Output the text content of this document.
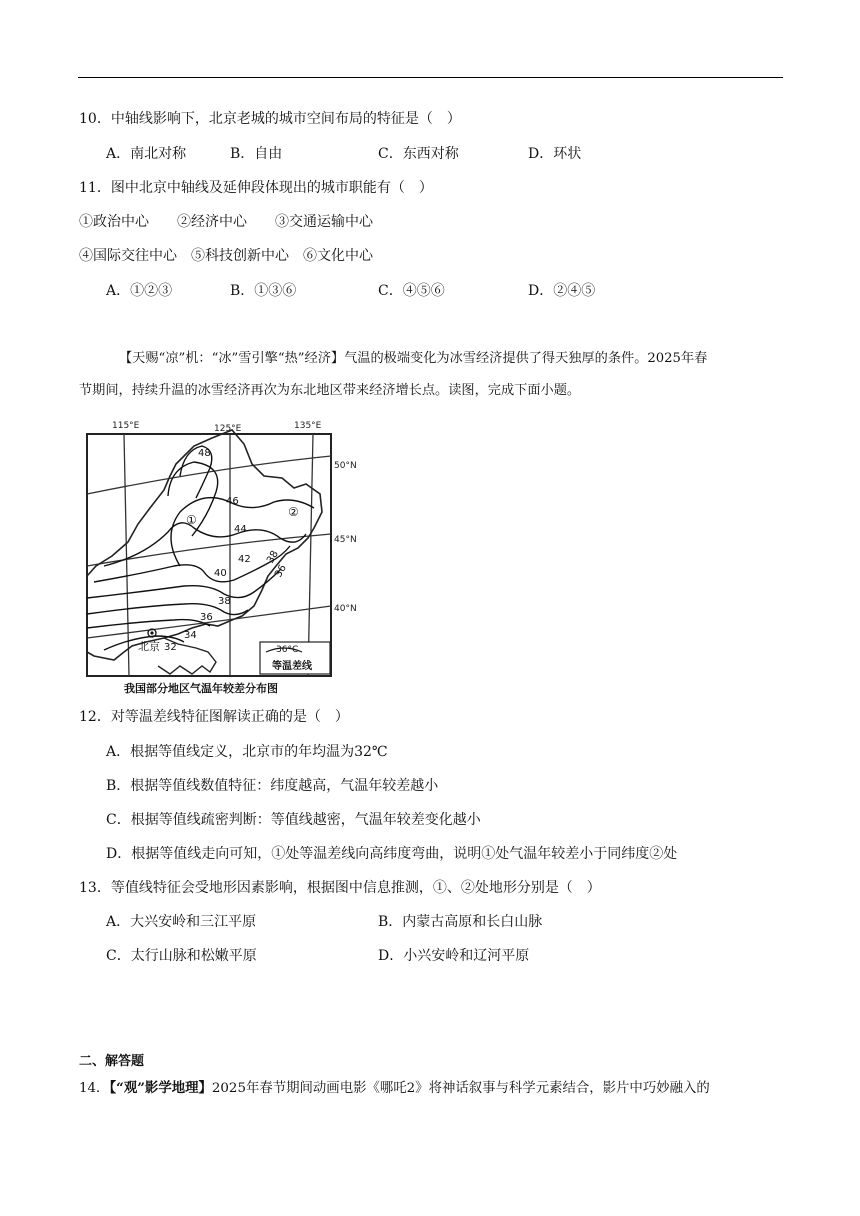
10．中轴线影响下，北京老城的城市空间布局的特征是（　）
A．南北对称	B．自由	C．东西对称	D．环状
11．图中北京中轴线及延伸段体现出的城市职能有（　）
①政治中心　　②经济中心　　③交通运输中心
④国际交往中心　⑤科技创新中心　⑥文化中心
A．①②③	B．①③⑥	C．④⑤⑥	D．②④⑤
【天赐“凉”机：“冰”雪引擎“热”经济】气温的极端变化为冰雪经济提供了得天独厚的条件。2025年春
节期间，持续升温的冰雪经济再次为东北地区带来经济增长点。读图，完成下面小题。
115°E	125°E	135°E
50°N
45°N
40°N
48
46
44
42
40
38
36
34
32
38
36
①
②
北京	36°C
等温差线
我国部分地区气温年较差分布图
12．对等温差线特征图解读正确的是（　）
A．根据等值线定义，北京市的年均温为32℃
B．根据等值线数值特征：纬度越高，气温年较差越小
C．根据等值线疏密判断：等值线越密，气温年较差变化越小
D．根据等值线走向可知，①处等温差线向高纬度弯曲，说明①处气温年较差小于同纬度②处
13．等值线特征会受地形因素影响，根据图中信息推测，①、②处地形分别是（　）
A．大兴安岭和三江平原	B．内蒙古高原和长白山脉
C．太行山脉和松嫩平原	D．小兴安岭和辽河平原
二、解答题
14．【“观”影学地理】2025年春节期间动画电影《哪吒2》将神话叙事与科学元素结合，影片中巧妙融入的
